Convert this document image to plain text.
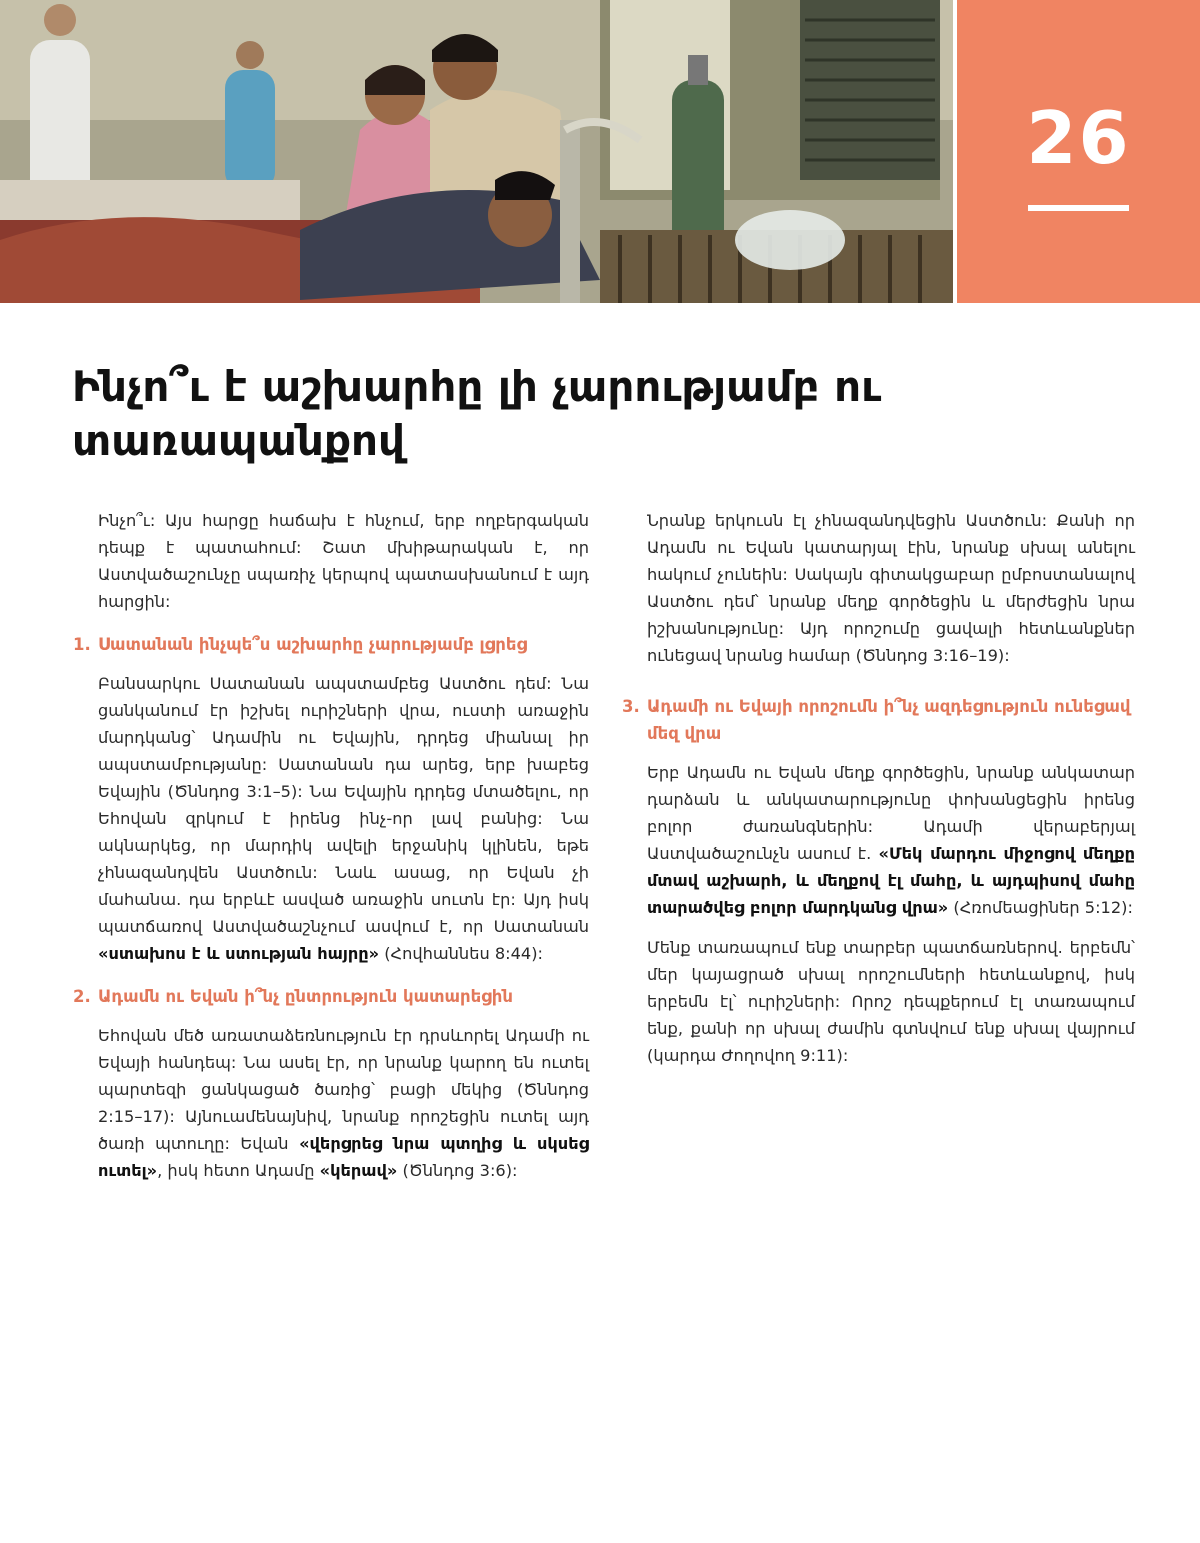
26
Ինչո՞ւ է աշխարհը լի չարությամբ ու տառապանքով

Ինչո՞ւ: Այս հարցը հաճախ է հնչում, երբ ողբերգական դեպք է պատահում: Շատ մխիթարական է, որ Աստվածաշունչը սպառիչ կերպով պատասխանում է այդ հարցին:

1. Սատանան ինչպե՞ս աշխարհը չարությամբ լցրեց

Բանսարկու Սատանան ապստամբեց Աստծու դեմ: Նա ցանկանում էր իշխել ուրիշների վրա, ուստի առաջին մարդկանց՝ Ադամին ու Եվային, դրդեց միանալ իր ապստամբությանը: Սատանան դա արեց, երբ խաբեց Եվային (Ծննդոց 3:1–5): Նա Եվային դրդեց մտածելու, որ Եհովան զրկում է իրենց ինչ-որ լավ բանից: Նա ակնարկեց, որ մարդիկ ավելի երջանիկ կլինեն, եթե չհնազանդվեն Աստծուն: Նաև ասաց, որ Եվան չի մահանա. դա երբևէ ասված առաջին սուտն էր: Այդ իսկ պատճառով Աստվածաշնչում ասվում է, որ Սատանան «ստախոս է և ստության հայրը» (Հովհաննես 8:44):

2. Ադամն ու Եվան ի՞նչ ընտրություն կատարեցին

Եհովան մեծ առատաձեռնություն էր դրսևորել Ադամի ու Եվայի հանդեպ: Նա ասել էր, որ նրանք կարող են ուտել պարտեզի ցանկացած ծառից՝ բացի մեկից (Ծննդոց 2:15–17): Այնուամենայնիվ, նրանք որոշեցին ուտել այդ ծառի պտուղը: Եվան «վերցրեց նրա պտղից և սկսեց ուտել», իսկ հետո Ադամը «կերավ» (Ծննդոց 3:6):

Նրանք երկուսն էլ չհնազանդվեցին Աստծուն: Քանի որ Ադամն ու Եվան կատարյալ էին, նրանք սխալ անելու հակում չունեին: Սակայն գիտակցաբար ըմբոստանալով Աստծու դեմ՝ նրանք մեղք գործեցին և մերժեցին նրա իշխանությունը: Այդ որոշումը ցավալի հետևանքներ ունեցավ նրանց համար (Ծննդոց 3:16–19):

3. Ադամի ու Եվայի որոշումն ի՞նչ ազդեցություն ունեցավ մեզ վրա

Երբ Ադամն ու Եվան մեղք գործեցին, նրանք անկատար դարձան և անկատարությունը փոխանցեցին իրենց բոլոր ժառանգներին: Ադամի վերաբերյալ Աստվածաշունչն ասում է. «Մեկ մարդու միջոցով մեղքը մտավ աշխարհ, և մեղքով էլ մահը, և այդպիսով մահը տարածվեց բոլոր մարդկանց վրա» (Հռոմեացիներ 5:12):

Մենք տառապում ենք տարբեր պատճառներով. երբեմն՝ մեր կայացրած սխալ որոշումների հետևանքով, իսկ երբեմն էլ՝ ուրիշների: Որոշ դեպքերում էլ տառապում ենք, քանի որ սխալ ժամին գտնվում ենք սխալ վայրում (կարդա Ժողովող 9:11):
